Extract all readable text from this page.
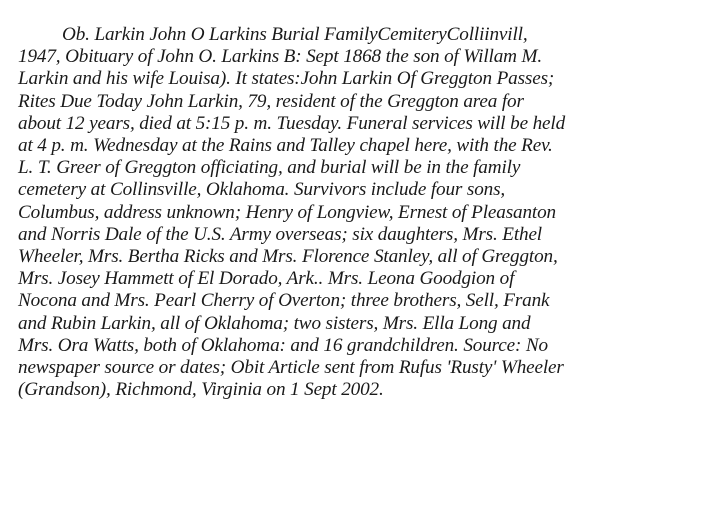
Ob. Larkin John O Larkins Burial FamilyCemiteryColliinvill,
1947, Obituary of John O. Larkins B: Sept 1868 the son of Willam M.
Larkin and his wife Louisa). It states:John Larkin Of Greggton Passes;
Rites Due Today John Larkin, 79, resident of the Greggton area for
about 12 years, died at 5:15 p. m. Tuesday. Funeral services will be held
at 4 p. m. Wednesday at the Rains and Talley chapel here, with the Rev.
L. T. Greer of Greggton officiating, and burial will be in the family
cemetery at Collinsville, Oklahoma. Survivors include four sons,
Columbus, address unknown; Henry of Longview, Ernest of Pleasanton
and Norris Dale of the U.S. Army overseas; six daughters, Mrs. Ethel
Wheeler, Mrs. Bertha Ricks and Mrs. Florence Stanley, all of Greggton,
Mrs. Josey Hammett of El Dorado, Ark.. Mrs. Leona Goodgion of
Nocona and Mrs. Pearl Cherry of Overton; three brothers, Sell, Frank
and Rubin Larkin, all of Oklahoma; two sisters, Mrs. Ella Long and
Mrs. Ora Watts, both of Oklahoma: and 16 grandchildren. Source: No
newspaper source or dates; Obit Article sent from Rufus 'Rusty' Wheeler
(Grandson), Richmond, Virginia on 1 Sept 2002.
